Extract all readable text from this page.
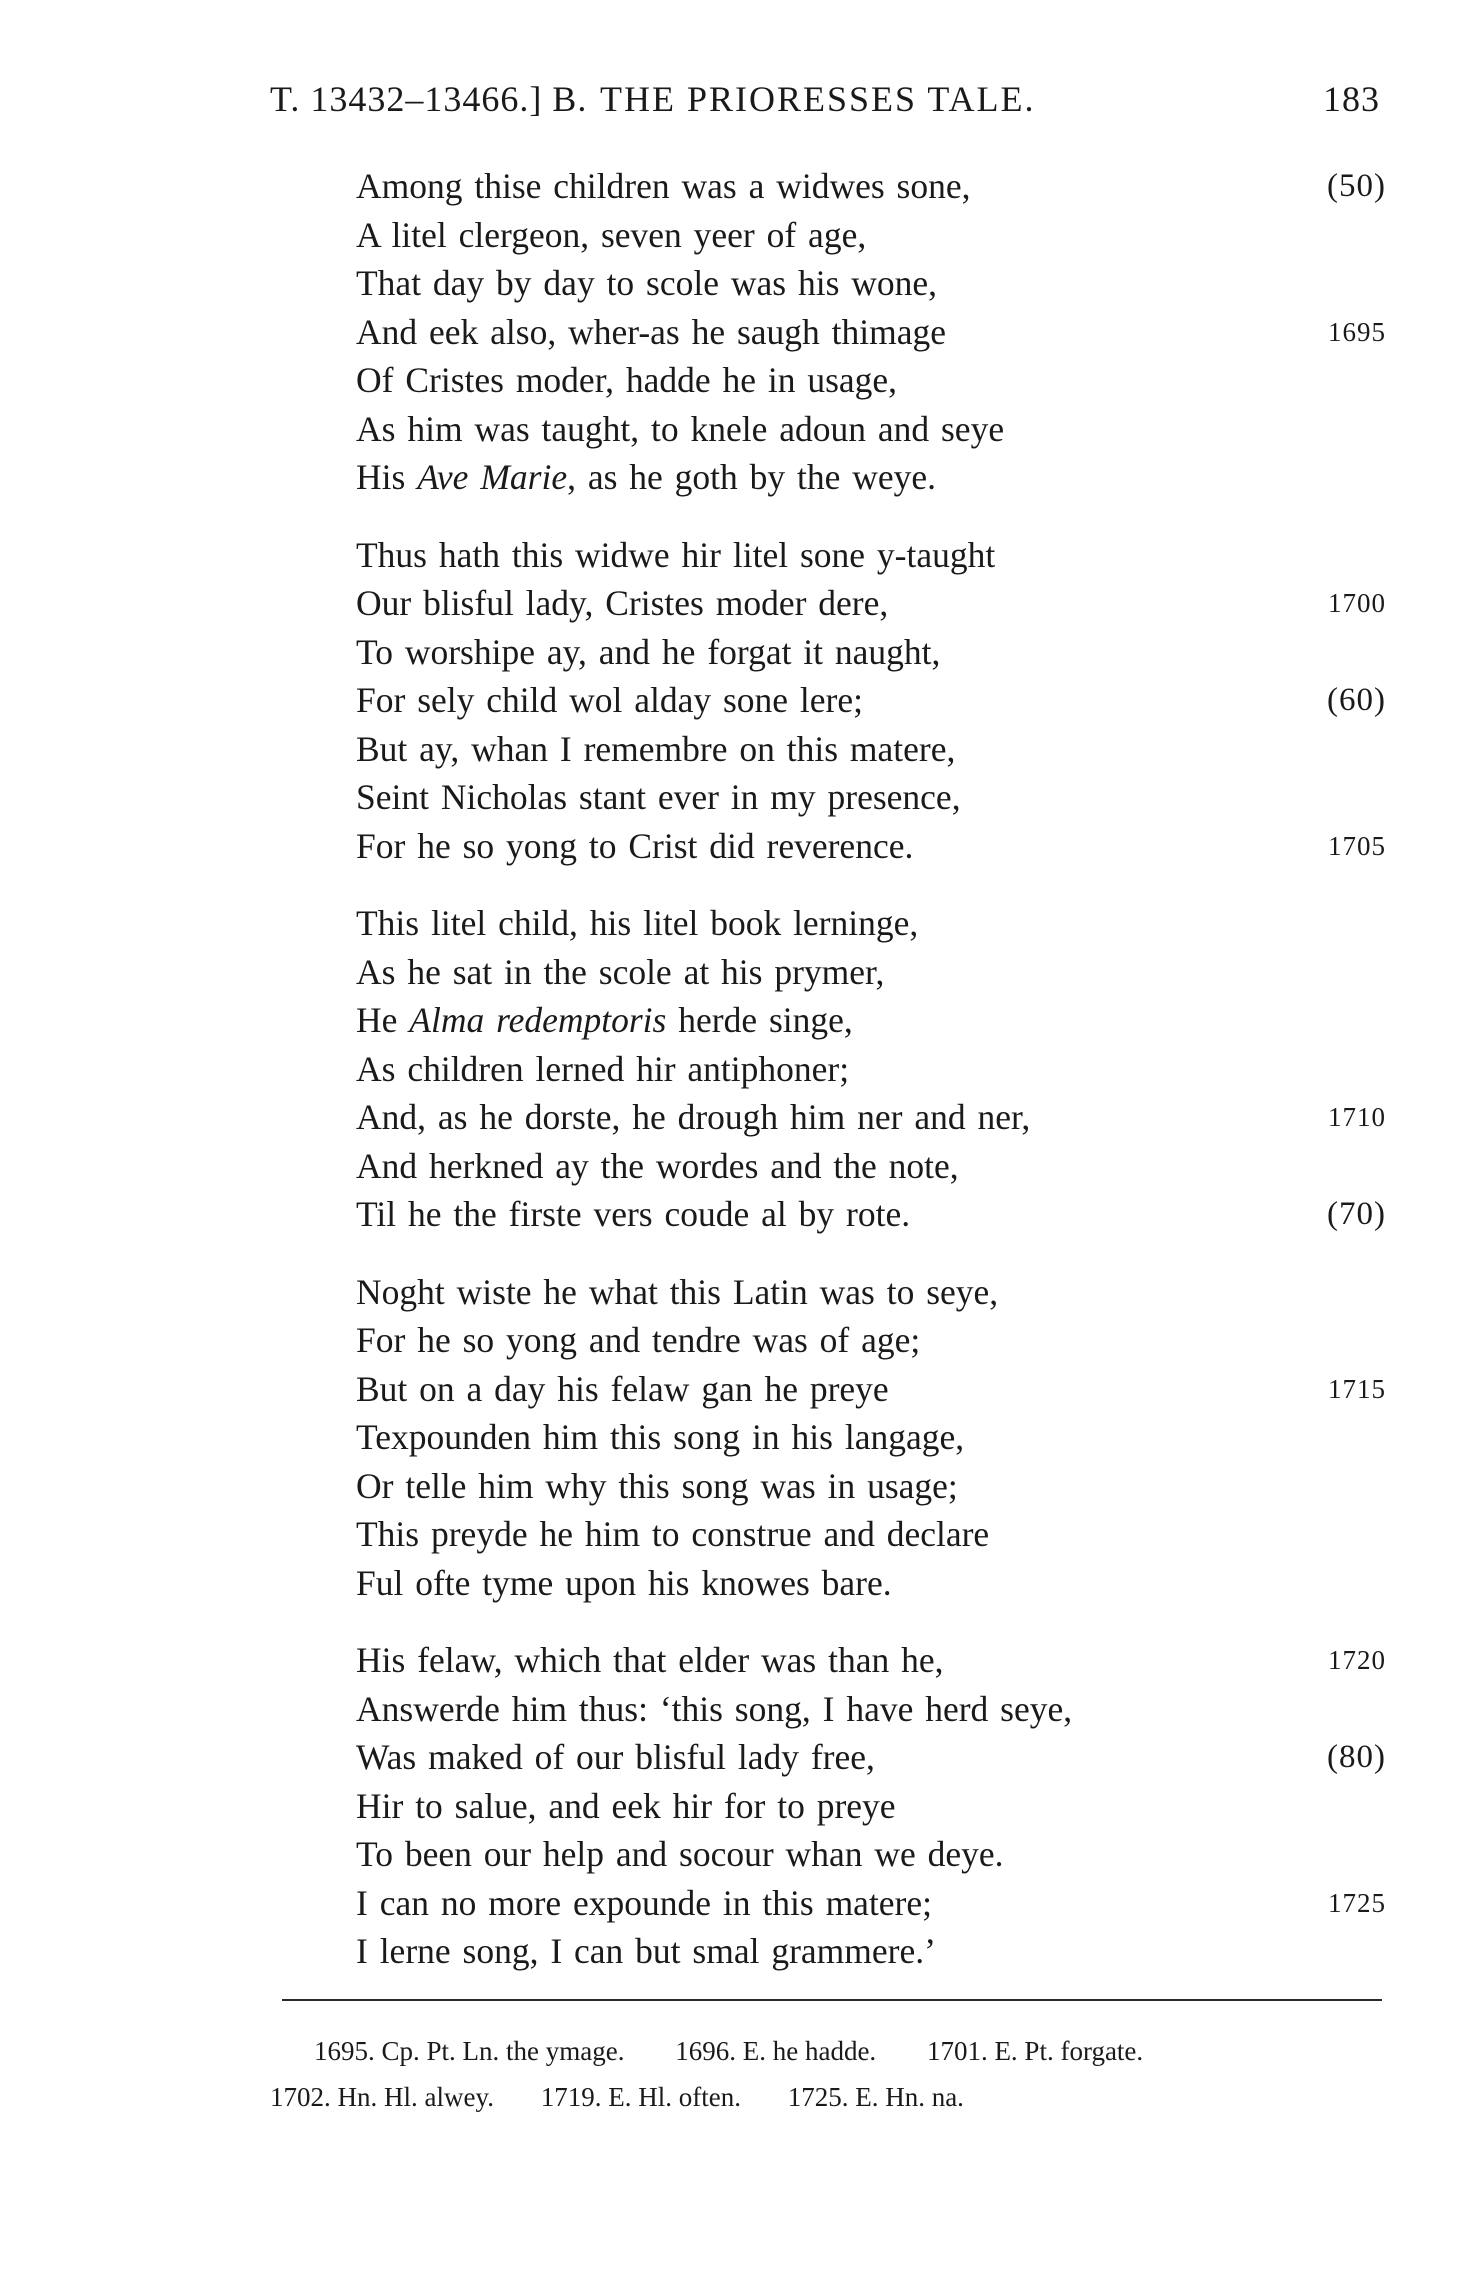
T. 13432–13466.] B. THE PRIORESSES TALE.	183
Among thise children was a widwes sone,	(50)
A litel clergeon, seven yeer of age,
That day by day to scole was his wone,
And eek also, wher-as he saugh thimage	1695
Of Cristes moder, hadde he in usage,
As him was taught, to knele adoun and seye
His Ave Marie, as he goth by the weye.
Thus hath this widwe hir litel sone y-taught
Our blisful lady, Cristes moder dere,	1700
To worshipe ay, and he forgat it naught,
For sely child wol alday sone lere;	(60)
But ay, whan I remembre on this matere,
Seint Nicholas stant ever in my presence,
For he so yong to Crist did reverence.	1705
This litel child, his litel book lerninge,
As he sat in the scole at his prymer,
He Alma redemptoris herde singe,
As children lerned hir antiphoner;
And, as he dorste, he drough him ner and ner,	1710
And herkned ay the wordes and the note,
Til he the firste vers coude al by rote.	(70)
Noght wiste he what this Latin was to seye,
For he so yong and tendre was of age;
But on a day his felaw gan he preye	1715
Texpounden him this song in his langage,
Or telle him why this song was in usage;
This preyde he him to construe and declare
Ful ofte tyme upon his knowes bare.
His felaw, which that elder was than he,	1720
Answerde him thus: ‘this song, I have herd seye,
Was maked of our blisful lady free,	(80)
Hir to salue, and eek hir for to preye
To been our help and socour whan we deye.
I can no more expounde in this matere;	1725
I lerne song, I can but smal grammere.’
1695. Cp. Pt. Ln. the ymage. 1696. E. he hadde. 1701. E. Pt. forgate.
1702. Hn. Hl. alwey. 1719. E. Hl. often. 1725. E. Hn. na.
